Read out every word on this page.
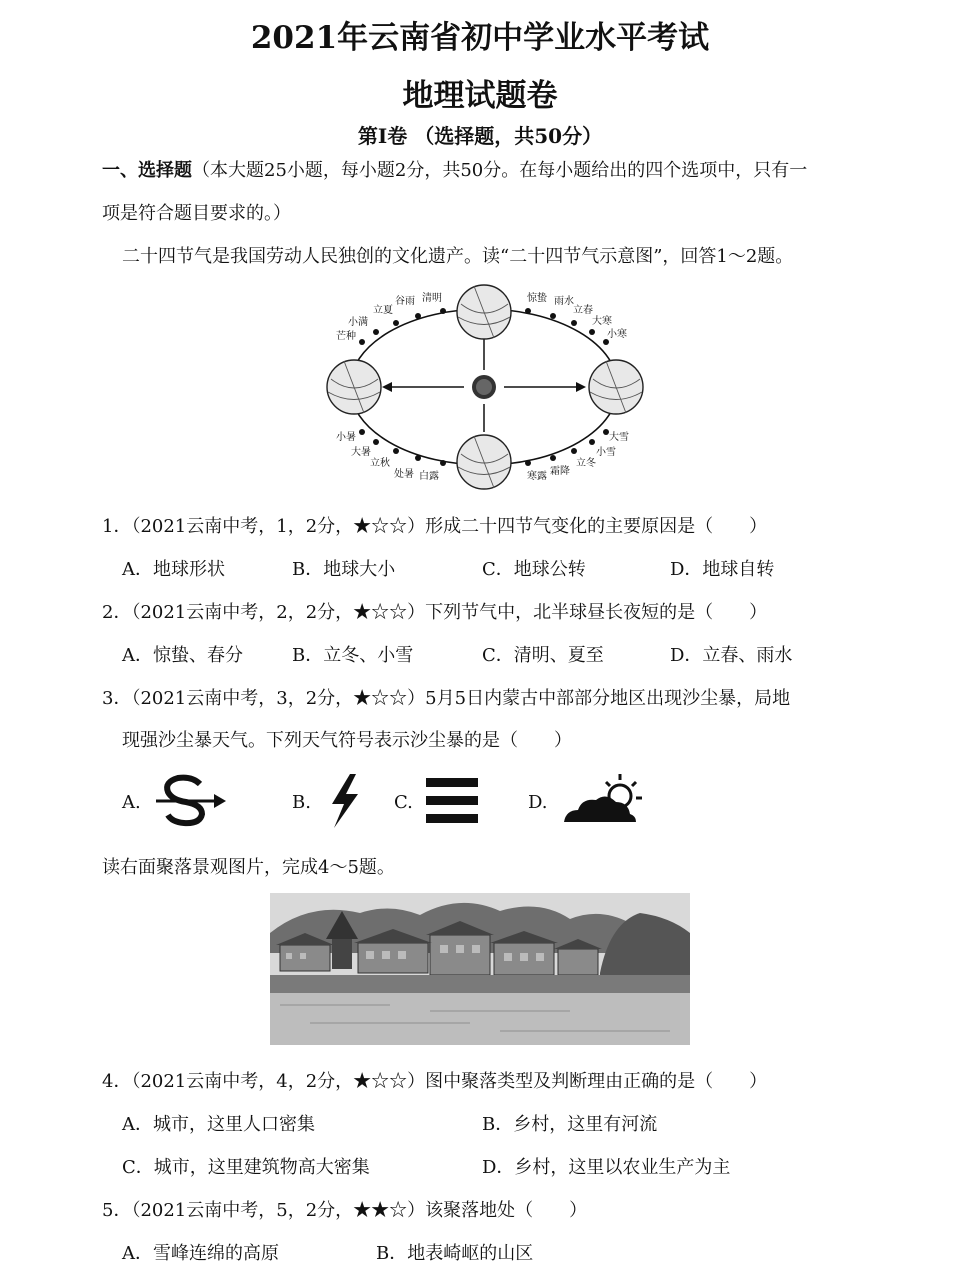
2021年云南省初中学业水平考试
地理试题卷
第Ⅰ卷 （选择题，共50分）
一、选择题（本大题25小题，每小题2分，共50分。在每小题给出的四个选项中，只有一
项是符合题目要求的。）
二十四节气是我国劳动人民独创的文化遗产。读“二十四节气示意图”，回答1～2题。
清明
谷雨
立夏
小满
芒种
惊蛰 雨水
立春
大寒
小寒
小暑
大暑
立秋
处暑 白露
大雪
小雪
立冬
霜降
寒露
1．（2021云南中考，1，2分，★☆☆）形成二十四节气变化的主要原因是（　　）
A．地球形状	B．地球大小	C．地球公转	D．地球自转
2．（2021云南中考，2，2分，★☆☆）下列节气中，北半球昼长夜短的是（　　）
A．惊蛰、春分	B．立冬、小雪	C．清明、夏至	D．立春、雨水
3．（2021云南中考，3，2分，★☆☆）5月5日内蒙古中部部分地区出现沙尘暴，局地
现强沙尘暴天气。下列天气符号表示沙尘暴的是（　　）
A.	B.	C.	D.
读右面聚落景观图片，完成4～5题。
4．（2021云南中考，4，2分，★☆☆）图中聚落类型及判断理由正确的是（　　）
A．城市，这里人口密集	B．乡村，这里有河流
C．城市，这里建筑物高大密集	D．乡村，这里以农业生产为主
5．（2021云南中考，5，2分，★★☆）该聚落地处（　　）
A．雪峰连绵的高原	B．地表崎岖的山区
